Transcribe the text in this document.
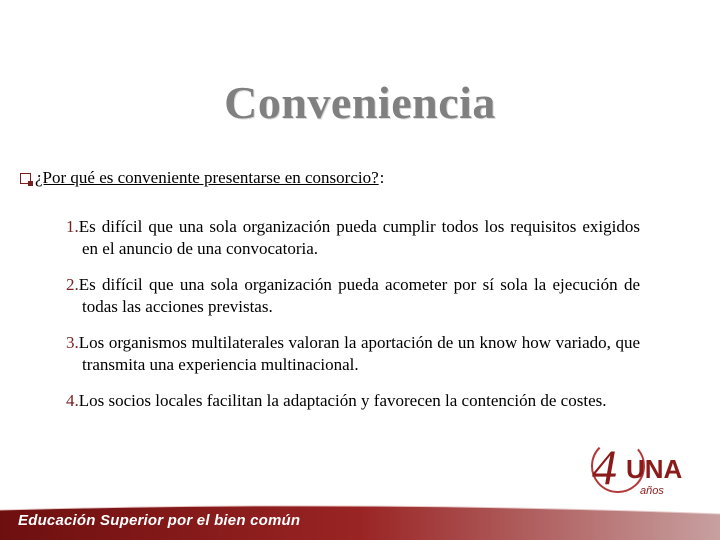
Conveniencia
¿Por qué es conveniente presentarse en consorcio? :
1.Es difícil que una sola organización pueda cumplir todos los requisitos exigidos en el anuncio de una convocatoria.
2.Es difícil que una sola organización pueda acometer por sí sola la ejecución de todas las acciones previstas.
3.Los organismos multilaterales valoran la aportación de un know how variado, que transmita una experiencia multinacional.
4.Los socios locales facilitan la adaptación y favorecen la contención de costes.
4 UNA
años
Educación Superior por el bien común
